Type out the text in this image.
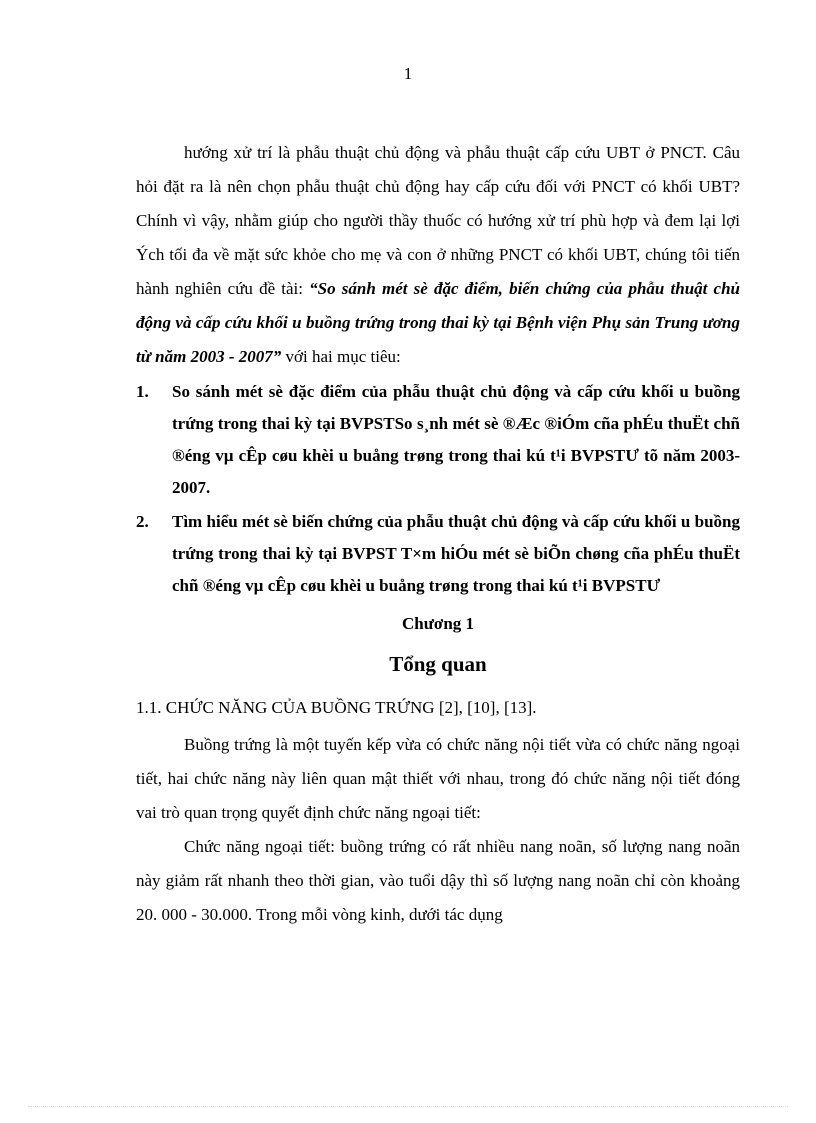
1

hướng xử trí là phẫu thuật chủ động và phẫu thuật cấp cứu UBT ở PNCT. Câu hỏi đặt ra là nên chọn phẫu thuật chủ động hay cấp cứu đối với PNCT có khối UBT? Chính vì vậy, nhằm giúp cho người thầy thuốc có hướng xử trí phù hợp và đem lại lợi Ých tối đa về mặt sức khỏe cho mẹ và con ở những PNCT có khối UBT, chúng tôi tiến hành nghiên cứu đề tài: “So sánh mét sè đặc điểm, biến chứng của phẫu thuật chủ động và cấp cứu khối u buồng trứng trong thai kỳ tại Bệnh viện Phụ sản Trung ương từ năm 2003 - 2007” với hai mục tiêu:

1. So sánh mét sè đặc điểm của phẫu thuật chủ động và cấp cứu khối u buồng trứng trong thai kỳ tại BVPSTSo s¸nh mét sè ®Æc ®iÓm cña phÉu thuËt chñ ®éng vµ cÊp cøu khèi u buång trøng trong thai kú t¹i BVPSTƯ tõ năm 2003- 2007.
2. Tìm hiểu mét sè biến chứng của phẫu thuật chủ động và cấp cứu khối u buồng trứng trong thai kỳ tại BVPST T×m hiÓu mét sè biÕn chøng cña phÉu thuËt chñ ®éng vµ cÊp cøu khèi u buång trøng trong thai kú t¹i BVPSTƯ

Chương 1

Tổng quan

1.1. CHỨC NĂNG CỦA BUỒNG TRỨNG [2], [10], [13].

Buồng trứng là một tuyến kếp vừa có chức năng nội tiết vừa có chức năng ngoại tiết, hai chức năng này liên quan mật thiết với nhau, trong đó chức năng nội tiết đóng vai trò quan trọng quyết định chức năng ngoại tiết:

Chức năng ngoại tiết: buồng trứng có rất nhiều nang noãn, số lượng nang noãn này giảm rất nhanh theo thời gian, vào tuổi dậy thì số lượng nang noãn chỉ còn khoảng 20. 000 - 30.000. Trong mỗi vòng kinh, dưới tác dụng
